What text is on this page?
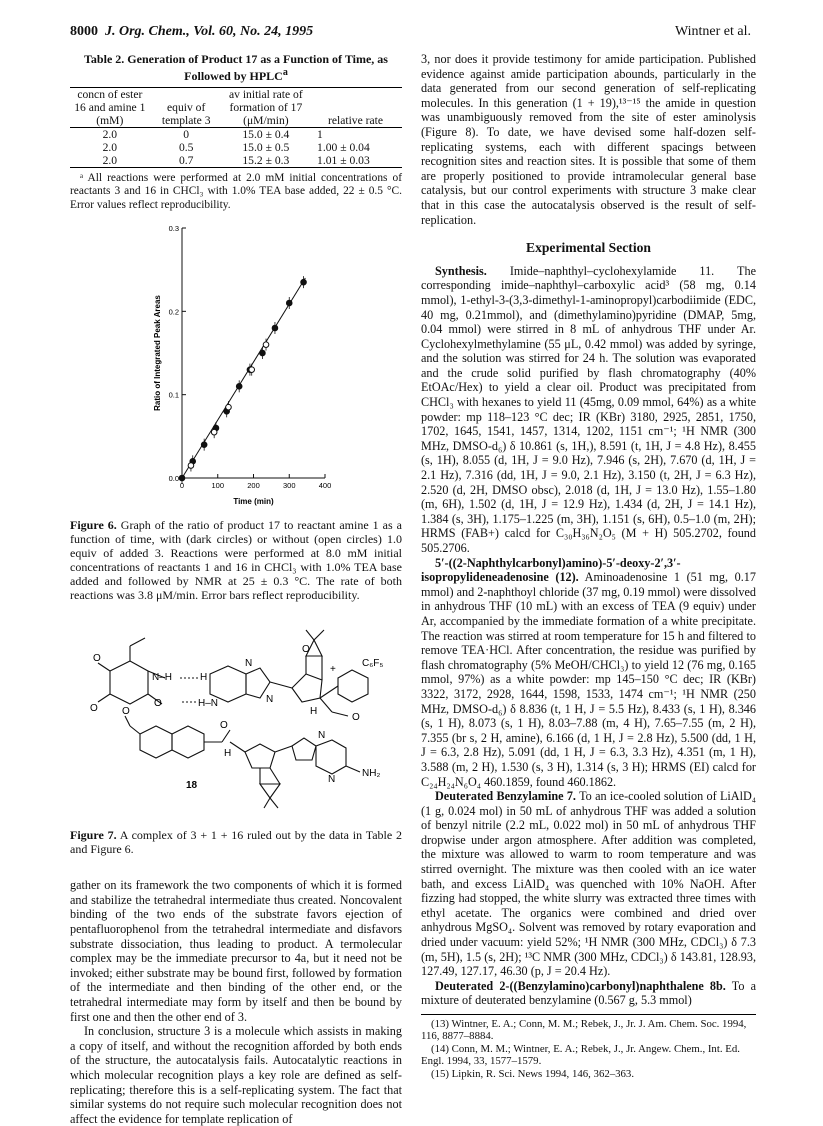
8000 J. Org. Chem., Vol. 60, No. 24, 1995	Wintner et al.
Table 2. Generation of Product 17 as a Function of Time, as Followed by HPLC$^a$
concn of ester 16 and amine 1 (mM)	equiv of template 3	av initial rate of formation of 17 (μM/min)	relative rate
2.0	0	15.0 ± 0.4	1
2.0	0.5	15.0 ± 0.5	1.00 ± 0.04
2.0	0.7	15.2 ± 0.3	1.01 ± 0.03
ᵃ All reactions were performed at 2.0 mM initial concentrations of reactants 3 and 16 in CHCl₃ with 1.0% TEA base added, 22 ± 0.5 °C. Error values reflect reproducibility.
0.0
0.1
0.2
0.3
0	100	200	300	400
Time (min)
Ratio of Integrated Peak Areas
Figure 6. Graph of the ratio of product 17 to reactant amine 1 as a function of time, with (dark circles) or without (open circles) 1.0 equiv of added 3. Reactions were performed at 8.0 mM initial concentrations of reactants 1 and 16 in CHCl₃ with 1.0% TEA base added and followed by NMR at 25 ± 0.3 °C. The rate of both reactions was 3.8 μM/min. Error bars reflect reproducibility.
O
O
N–H
O	H–N
H
N
N
O
+
C₆F₅
H
O
O
O
H
N
N
NH₂
18
Figure 7. A complex of 3 + 1 + 16 ruled out by the data in Table 2 and Figure 6.

gather on its framework the two components of which it is formed and stabilize the tetrahedral intermediate thus created. Noncovalent binding of the two ends of the substrate favors ejection of pentafluorophenol from the tetrahedral intermediate and disfavors substrate dissociation, thus leading to product. A termolecular complex may be the immediate precursor to 4a, but it need not be invoked; either substrate may be bound first, followed by formation of the intermediate and then binding of the other end, or the tetrahedral intermediate may form by itself and then be bound by first one and then the other end of 3.

In conclusion, structure 3 is a molecule which assists in making a copy of itself, and without the recognition afforded by both ends of the structure, the autocatalysis fails. Autocatalytic reactions in which molecular recognition plays a key role are defined as self-replicating; therefore this is a self-replicating system. The fact that similar systems do not require such molecular recognition does not affect the evidence for template replication of

3, nor does it provide testimony for amide participation. Published evidence against amide participation abounds, particularly in the data generated from our second generation of self-replicating molecules. In this generation (1 + 19),¹³⁻¹⁵ the amide in question was unambiguously removed from the site of ester aminolysis (Figure 8). To date, we have devised some half-dozen self-replicating systems, each with different spacings between recognition sites and reaction sites. It is possible that some of them are properly positioned to provide intramolecular general base catalysis, but our control experiments with structure 3 make clear that in this case the autocatalysis observed is the result of self-replication.

Experimental Section

Synthesis. Imide–naphthyl–cyclohexylamide 11. The corresponding imide–naphthyl–carboxylic acid³ (58 mg, 0.14 mmol), 1-ethyl-3-(3,3-dimethyl-1-aminopropyl)carbodiimide (EDC, 40 mg, 0.21mmol), and (dimethylamino)pyridine (DMAP, 5mg, 0.04 mmol) were stirred in 8 mL of anhydrous THF under Ar. Cyclohexylmethylamine (55 μL, 0.42 mmol) was added by syringe, and the solution was stirred for 24 h. The solution was evaporated and the crude solid purified by flash chromatography (40% EtOAc/Hex) to yield a clear oil. Product was precipitated from CHCl₃ with hexanes to yield 11 (45mg, 0.09 mmol, 64%) as a white powder: mp 118–123 °C dec; IR (KBr) 3180, 2925, 2851, 1750, 1702, 1645, 1541, 1457, 1314, 1202, 1151 cm⁻¹; ¹H NMR (300 MHz, DMSO-d₆) δ 10.861 (s, 1H,), 8.591 (t, 1H, J = 4.8 Hz), 8.455 (s, 1H), 8.055 (d, 1H, J = 9.0 Hz), 7.946 (s, 2H), 7.670 (d, 1H, J = 2.1 Hz), 7.316 (dd, 1H, J = 9.0, 2.1 Hz), 3.150 (t, 2H, J = 6.3 Hz), 2.520 (d, 2H, DMSO obsc), 2.018 (d, 1H, J = 13.0 Hz), 1.55–1.80 (m, 6H), 1.502 (d, 1H, J = 12.9 Hz), 1.434 (d, 2H, J = 14.1 Hz), 1.384 (s, 3H), 1.175–1.225 (m, 3H), 1.151 (s, 6H), 0.5–1.0 (m, 2H); HRMS (FAB+) calcd for C₃₀H₃₆N₂O₅ (M + H) 505.2702, found 505.2706.

5′-((2-Naphthylcarbonyl)amino)-5′-deoxy-2′,3′-isopropylideneadenosine (12). Aminoadenosine 1 (51 mg, 0.17 mmol) and 2-naphthoyl chloride (37 mg, 0.19 mmol) were dissolved in anhydrous THF (10 mL) with an excess of TEA (9 equiv) under Ar, accompanied by the immediate formation of a white precipitate. The reaction was stirred at room temperature for 15 h and filtered to remove TEA·HCl. After concentration, the residue was purified by flash chromatography (5% MeOH/CHCl₃) to yield 12 (76 mg, 0.165 mmol, 97%) as a white powder: mp 145–150 °C dec; IR (KBr) 3322, 3172, 2928, 1644, 1598, 1533, 1474 cm⁻¹; ¹H NMR (250 MHz, DMSO-d₆) δ 8.836 (t, 1 H, J = 5.5 Hz), 8.433 (s, 1 H), 8.346 (s, 1 H), 8.073 (s, 1 H), 8.03–7.88 (m, 4 H), 7.65–7.55 (m, 2 H), 7.355 (br s, 2 H, amine), 6.166 (d, 1 H, J = 2.8 Hz), 5.500 (dd, 1 H, J = 6.3, 2.8 Hz), 5.091 (dd, 1 H, J = 6.3, 3.3 Hz), 4.351 (m, 1 H), 3.588 (m, 2 H), 1.530 (s, 3 H), 1.314 (s, 3 H); HRMS (EI) calcd for C₂₄H₂₄N₆O₄ 460.1859, found 460.1862.

Deuterated Benzylamine 7. To an ice-cooled solution of LiAlD₄ (1 g, 0.024 mol) in 50 mL of anhydrous THF was added a solution of benzyl nitrile (2.2 mL, 0.022 mol) in 50 mL of anhydrous THF dropwise under argon atmosphere. After addition was completed, the mixture was allowed to warm to room temperature and was stirred overnight. The mixture was then cooled with an ice water bath, and excess LiAlD₄ was quenched with 10% NaOH. After fizzing had stopped, the white slurry was extracted three times with ethyl acetate. The organics were combined and dried over anhydrous MgSO₄. Solvent was removed by rotary evaporation and dried under vacuum: yield 52%; ¹H NMR (300 MHz, CDCl₃) δ 7.3 (m, 5H), 1.5 (s, 2H); ¹³C NMR (300 MHz, CDCl₃) δ 143.81, 128.93, 127.49, 127.17, 46.30 (p, J = 20.4 Hz).

Deuterated 2-((Benzylamino)carbonyl)naphthalene 8b. To a mixture of deuterated benzylamine (0.567 g, 5.3 mmol)

(13) Wintner, E. A.; Conn, M. M.; Rebek, J., Jr. J. Am. Chem. Soc. 1994, 116, 8877–8884.
(14) Conn, M. M.; Wintner, E. A.; Rebek, J., Jr. Angew. Chem., Int. Ed. Engl. 1994, 33, 1577–1579.
(15) Lipkin, R. Sci. News 1994, 146, 362–363.
